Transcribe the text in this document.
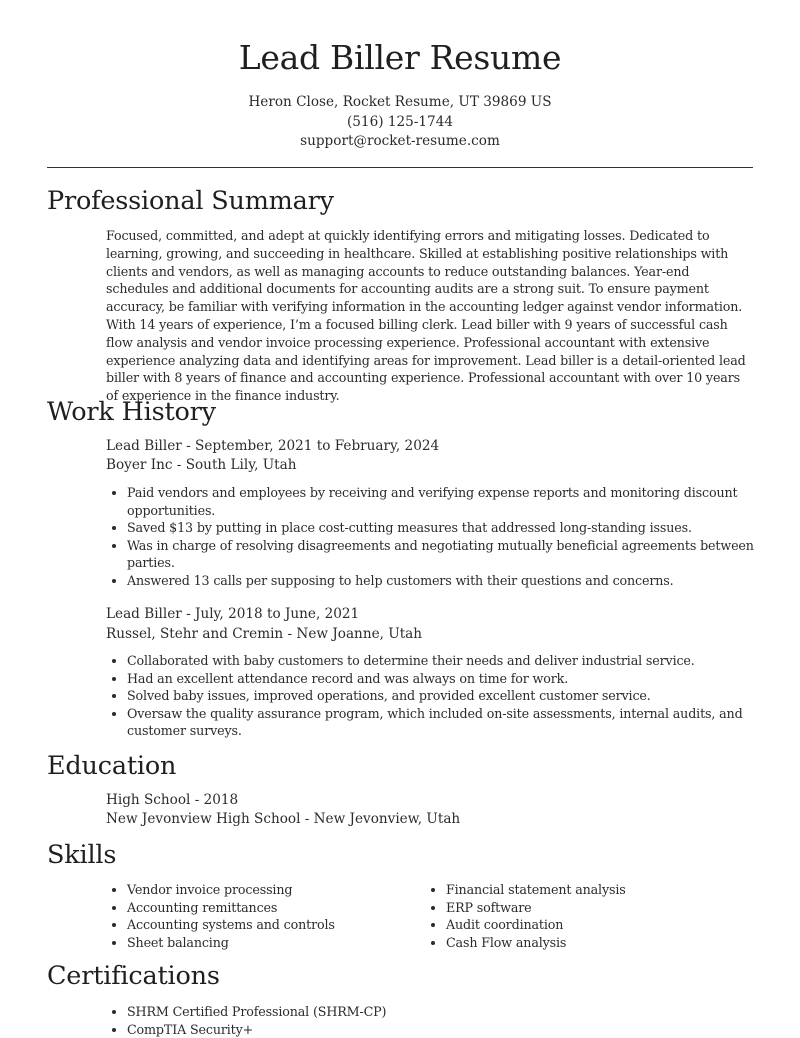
Lead Biller Resume
Heron Close, Rocket Resume, UT 39869 US
(516) 125-1744
support@rocket-resume.com
Professional Summary
Focused, committed, and adept at quickly identifying errors and mitigating losses. Dedicated to learning, growing, and succeeding in healthcare. Skilled at establishing positive relationships with clients and vendors, as well as managing accounts to reduce outstanding balances. Year-end schedules and additional documents for accounting audits are a strong suit. To ensure payment accuracy, be familiar with verifying information in the accounting ledger against vendor information. With 14 years of experience, I’m a focused billing clerk. Lead biller with 9 years of successful cash flow analysis and vendor invoice processing experience. Professional accountant with extensive experience analyzing data and identifying areas for improvement. Lead biller is a detail-oriented lead biller with 8 years of finance and accounting experience. Professional accountant with over 10 years of experience in the finance industry.
Work History
Lead Biller - September, 2021 to February, 2024
Boyer Inc - South Lily, Utah
• Paid vendors and employees by receiving and verifying expense reports and monitoring discount opportunities.
• Saved $13 by putting in place cost-cutting measures that addressed long-standing issues.
• Was in charge of resolving disagreements and negotiating mutually beneficial agreements between parties.
• Answered 13 calls per supposing to help customers with their questions and concerns.
Lead Biller - July, 2018 to June, 2021
Russel, Stehr and Cremin - New Joanne, Utah
• Collaborated with baby customers to determine their needs and deliver industrial service.
• Had an excellent attendance record and was always on time for work.
• Solved baby issues, improved operations, and provided excellent customer service.
• Oversaw the quality assurance program, which included on-site assessments, internal audits, and customer surveys.
Education
High School - 2018
New Jevonview High School - New Jevonview, Utah
Skills
• Vendor invoice processing
• Accounting remittances
• Accounting systems and controls
• Sheet balancing
• Financial statement analysis
• ERP software
• Audit coordination
• Cash Flow analysis
Certifications
• SHRM Certified Professional (SHRM-CP)
• CompTIA Security+
